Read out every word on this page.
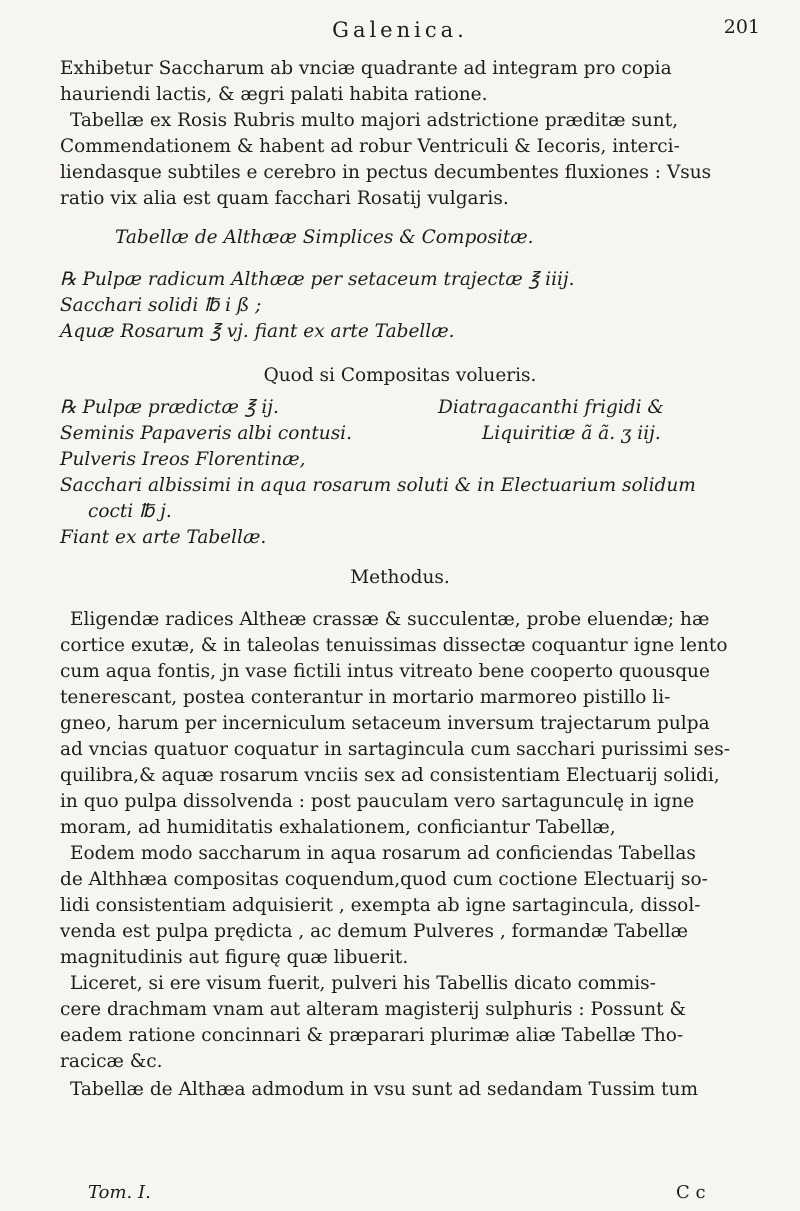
Galenica.	201
Exhibetur Saccharum ab vnciæ quadrante ad integram pro copia
hauriendi lactis, & ægri palati habita ratione.
Tabellæ ex Rosis Rubris multo majori adstrictione præditæ sunt,
Commendationem & habent ad robur Ventriculi & Iecoris, interci-
liendasque subtiles e cerebro in pectus decumbentes fluxiones : Vsus
ratio vix alia est quam facchari Rosatij vulgaris.
Tabellæ de Althææ Simplices & Compositæ.
℞ Pulpæ radicum Althææ per setaceum trajectæ ℥ iiij.
Sacchari solidi ℔ i ß ;
Aquæ Rosarum ℥ vj. fiant ex arte Tabellæ.
Quod si Compositas volueris.
℞ Pulpæ prædictæ ℥ ij.	Diatragacanthi frigidi &
Seminis Papaveris albi contusi.	Liquiritiæ ã ã. ʒ iij.
Pulveris Ireos Florentinæ,
Sacchari albissimi in aqua rosarum soluti & in Electuarium solidum
cocti ℔ j.
Fiant ex arte Tabellæ.
Methodus.
Eligendæ radices Altheæ crassæ & succulentæ, probe eluendæ; hæ
cortice exutæ, & in taleolas tenuissimas dissectæ coquantur igne lento
cum aqua fontis, jn vase fictili intus vitreato bene cooperto quousque
tenerescant, postea conterantur in mortario marmoreo pistillo li-
gneo, harum per incerniculum setaceum inversum trajectarum pulpa
ad vncias quatuor coquatur in sartagincula cum sacchari purissimi ses-
quilibra,& aquæ rosarum vnciis sex ad consistentiam Electuarij solidi,
in quo pulpa dissolvenda : post pauculam vero sartagunculę in igne
moram, ad humiditatis exhalationem, conficiantur Tabellæ,
Eodem modo saccharum in aqua rosarum ad conficiendas Tabellas
de Althhæa compositas coquendum,quod cum coctione Electuarij so-
lidi consistentiam adquisierit , exempta ab igne sartagincula, dissol-
venda est pulpa prędicta , ac demum Pulveres , formandæ Tabellæ
magnitudinis aut figurę quæ libuerit.
Liceret, si ere visum fuerit, pulveri his Tabellis dicato commis-
cere drachmam vnam aut alteram magisterij sulphuris : Possunt &
eadem ratione concinnari & præparari plurimæ aliæ Tabellæ Tho-
racicæ &c.
Tabellæ de Althæa admodum in vsu sunt ad sedandam Tussim tum
Tom. I.	C c
